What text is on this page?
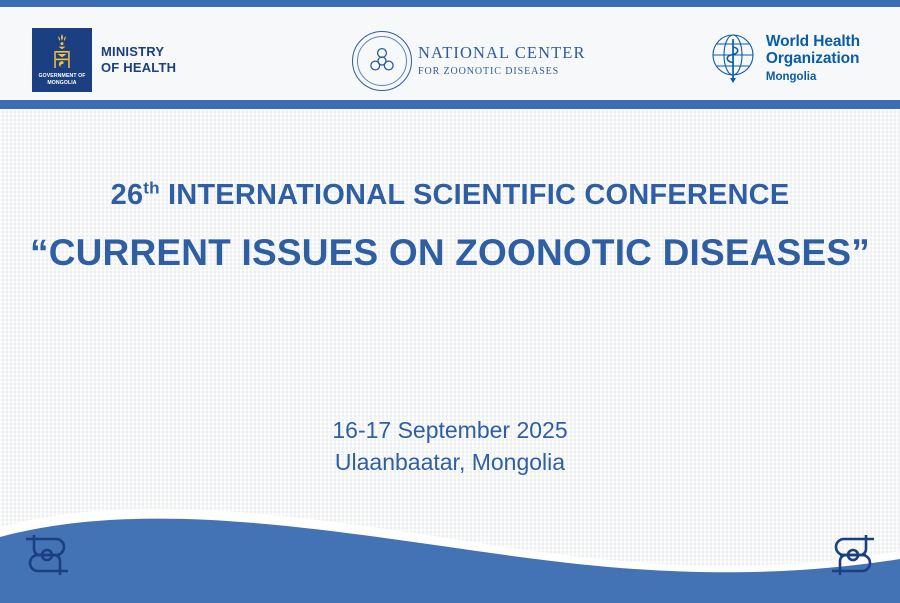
GOVERNMENT OF
MONGOLIA
MINISTRY
OF HEALTH
NATIONAL CENTER
FOR ZOONOTIC DISEASES
World Health
Organization
Mongolia
26th INTERNATIONAL SCIENTIFIC CONFERENCE
“CURRENT ISSUES ON ZOONOTIC DISEASES”
16-17 September 2025
Ulaanbaatar, Mongolia
